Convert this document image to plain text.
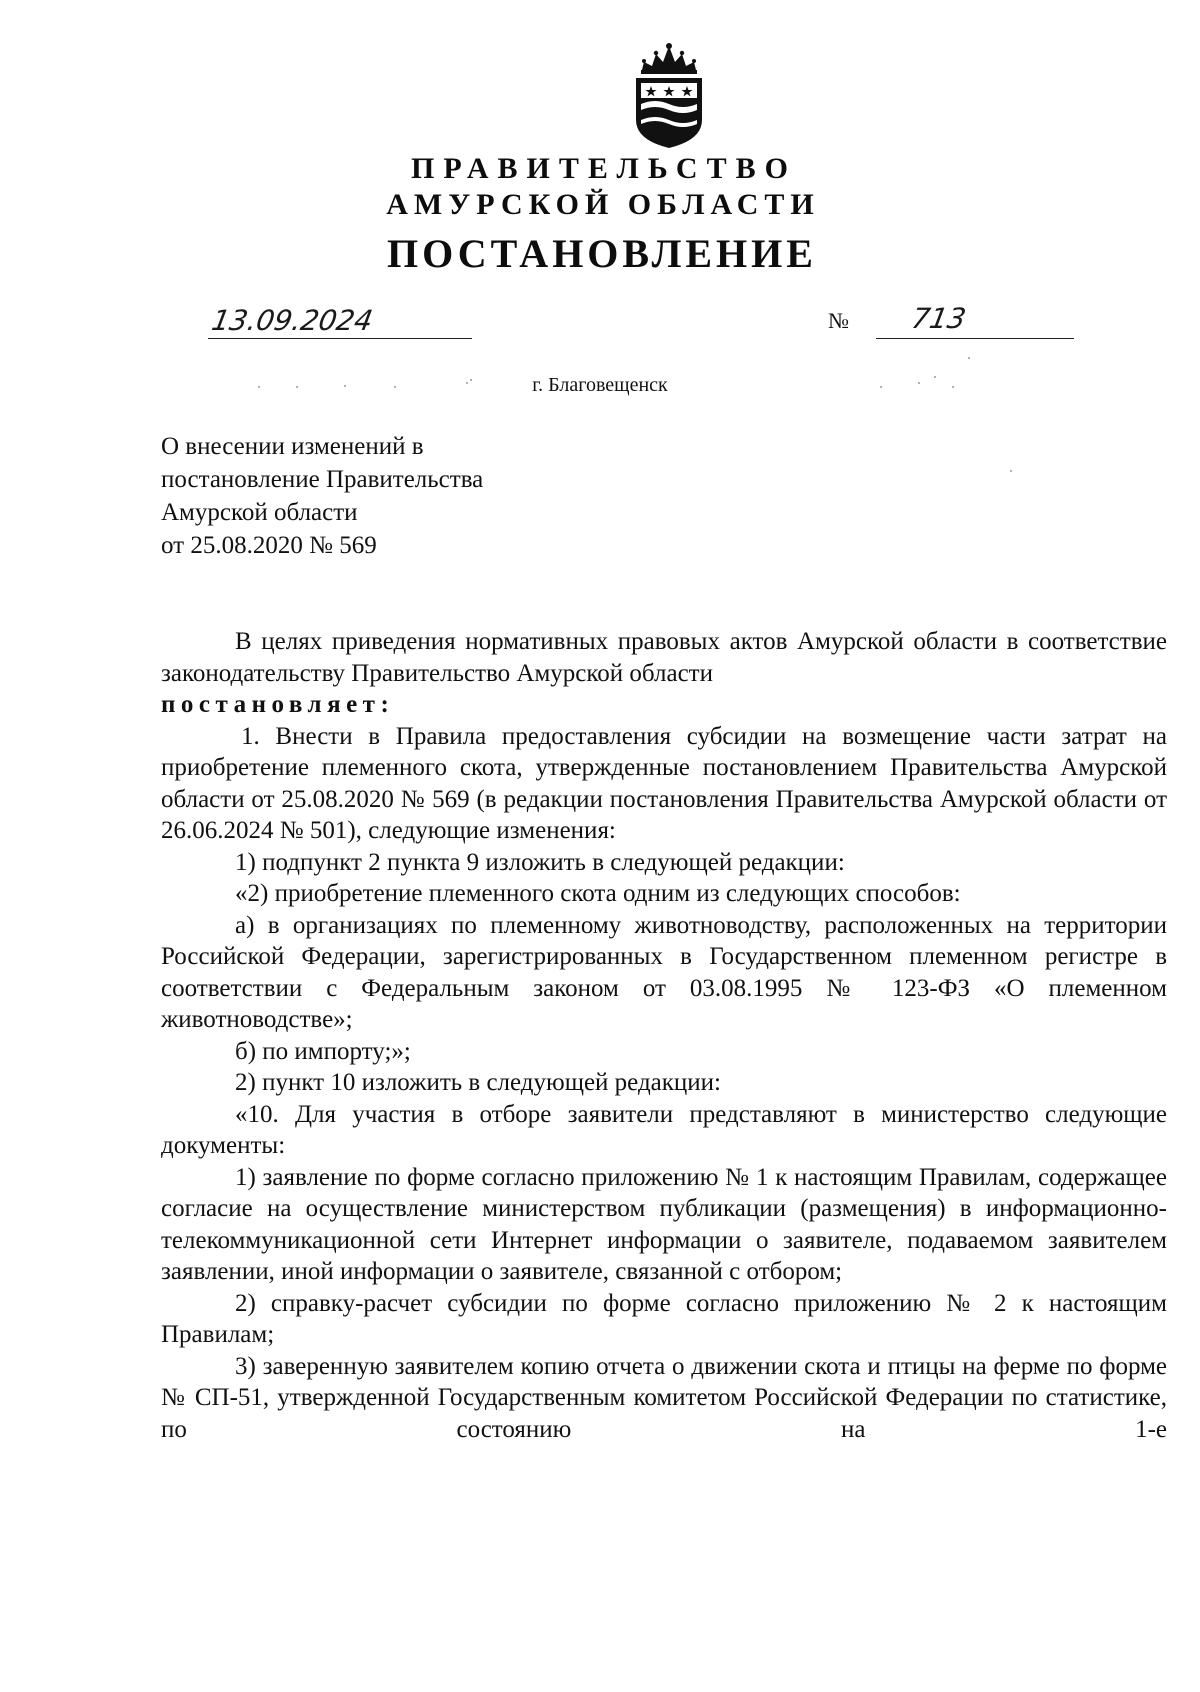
ПРАВИТЕЛЬСТВО
АМУРСКОЙ ОБЛАСТИ
ПОСТАНОВЛЕНИЕ
13.09.2024	№ 713
г. Благовещенск
О внесении изменений в
постановление Правительства
Амурской области
от 25.08.2020 № 569

В целях приведения нормативных правовых актов Амурской области в соответствие законодательству Правительство Амурской области

постановляет:

1. Внести в Правила предоставления субсидии на возмещение части затрат на приобретение племенного скота, утвержденные постановлением Правительства Амурской области от 25.08.2020 № 569 (в редакции постановления Правительства Амурской области от 26.06.2024 № 501), следующие изменения:

1) подпункт 2 пункта 9 изложить в следующей редакции:

«2) приобретение племенного скота одним из следующих способов:

а) в организациях по племенному животноводству, расположенных на территории Российской Федерации, зарегистрированных в Государственном племенном регистре в соответствии с Федеральным законом от 03.08.1995 № 123-ФЗ «О племенном животноводстве»;

б) по импорту;»;

2) пункт 10 изложить в следующей редакции:

«10. Для участия в отборе заявители представляют в министерство следующие документы:

1) заявление по форме согласно приложению № 1 к настоящим Правилам, содержащее согласие на осуществление министерством публикации (размещения) в информационно-телекоммуникационной сети Интернет информации о заявителе, подаваемом заявителем заявлении, иной информации о заявителе, связанной с отбором;

2) справку-расчет субсидии по форме согласно приложению № 2 к настоящим Правилам;

3) заверенную заявителем копию отчета о движении скота и птицы на ферме по форме № СП-51, утвержденной Государственным комитетом Российской Федерации по статистике, по состоянию на 1-е
